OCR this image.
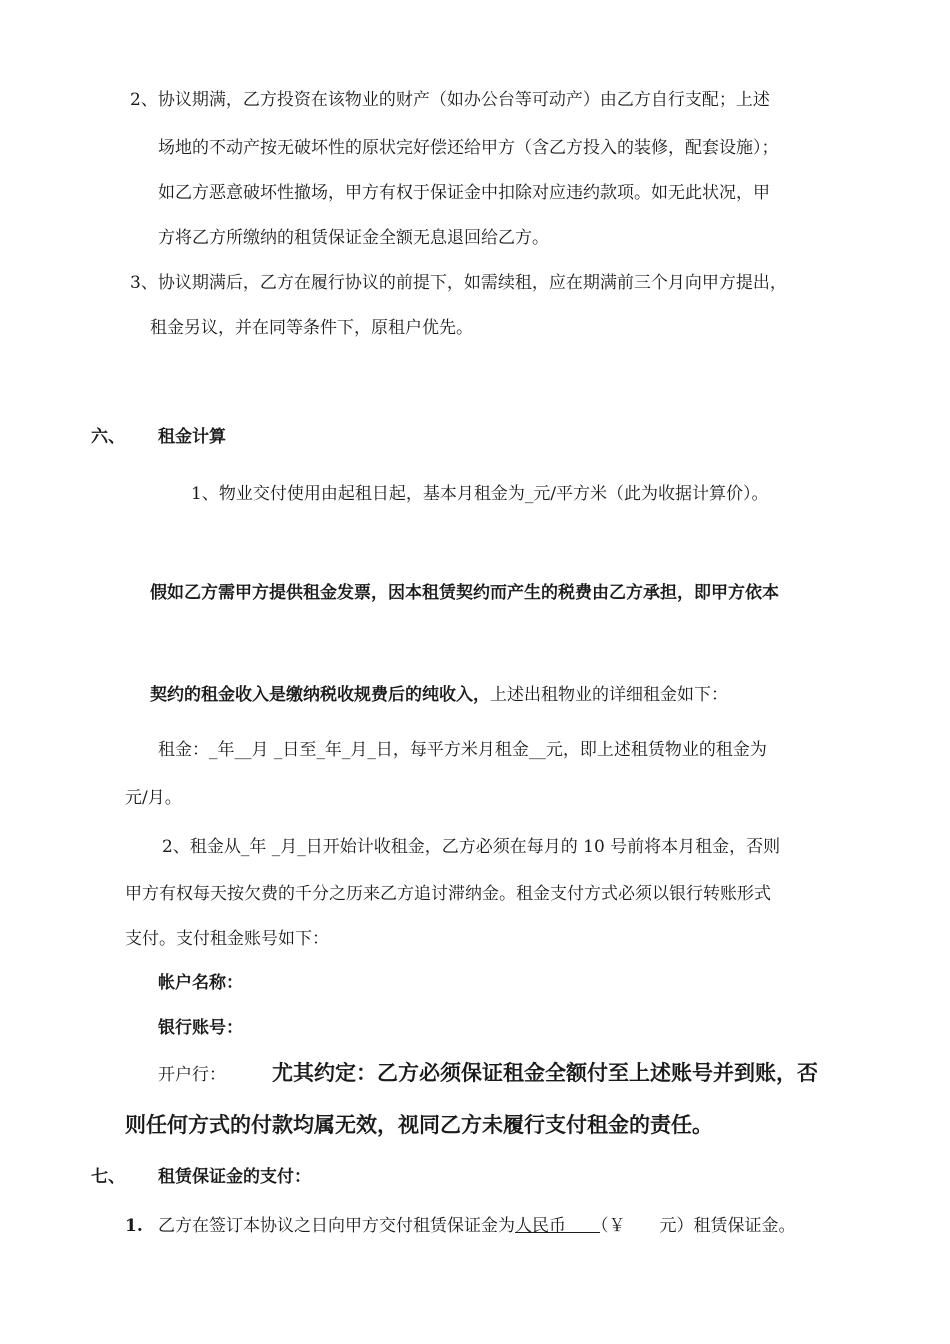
2、协议期满，乙方投资在该物业的财产（如办公台等可动产）由乙方自行支配；上述
场地的不动产按无破坏性的原状完好偿还给甲方（含乙方投入的装修，配套设施）；
如乙方恶意破坏性撤场，甲方有权于保证金中扣除对应违约款项。如无此状况，甲
方将乙方所缴纳的租赁保证金全额无息退回给乙方。
3、协议期满后，乙方在履行协议的前提下，如需续租，应在期满前三个月向甲方提出，
租金另议，并在同等条件下，原租户优先。
六、 租金计算
1、物业交付使用由起租日起，基本月租金为_元/平方米（此为收据计算价）。
假如乙方需甲方提供租金发票，因本租赁契约而产生的税费由乙方承担，即甲方依本
契约的租金收入是缴纳税收规费后的纯收入，上述出租物业的详细租金如下：
租金：_年__月 _日至_年_月_日，每平方米月租金__元，即上述租赁物业的租金为
元/月。
2、租金从_年 _月_日开始计收租金，乙方必须在每月的 10 号前将本月租金，否则
甲方有权每天按欠费的千分之历来乙方追讨滞纳金。租金支付方式必须以银行转账形式
支付。支付租金账号如下：
帐户名称：
银行账号：
开户行： 尤其约定：乙方必须保证租金全额付至上述账号并到账，否
则任何方式的付款均属无效，视同乙方未履行支付租金的责任。
七、 租赁保证金的支付：
1. 乙方在签订本协议之日向甲方交付租赁保证金为人民币　　（￥　　元）租赁保证金。
